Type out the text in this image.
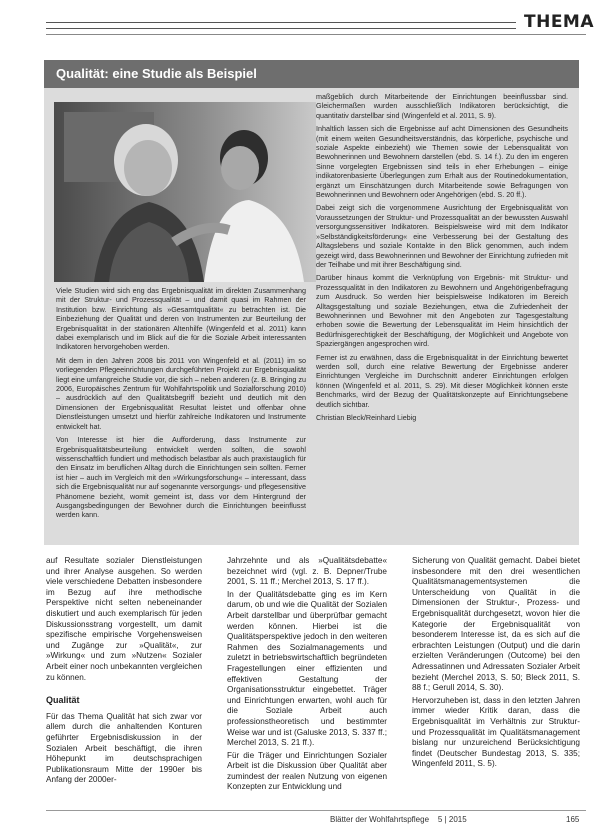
THEMA
Qualität: eine Studie als Beispiel

Viele Studien wird sich eng das Ergebnisqualität im direkten Zusammenhang mit der Struktur- und Prozessqualität – und damit quasi im Rahmen der Institution bzw. Einrichtung als »Gesamtqualität« zu betrachten ist. Die Einbeziehung der Qualität und deren von Instrumenten zur Beurteilung der Ergebnisqualität in der stationären Altenhilfe (Wingenfeld et al. 2011) kann dabei exemplarisch und im Blick auf die für die Soziale Arbeit interessanten Indikatoren hervorgehoben werden.

Mit dem in den Jahren 2008 bis 2011 von Wingenfeld et al. (2011) im so vorliegenden Pflegeeinrichtungen durchgeführten Projekt zur Ergebnisqualität liegt eine umfangreiche Studie vor, die sich – neben anderen (z. B. Bringing zu 2006, Europäisches Zentrum für Wohlfahrtspolitik und Sozialforschung 2010) – ausdrücklich auf den Qualitätsbegriff bezieht und deutlich mit den Dimensionen der Ergebnisqualität Resultat leistet und offenbar ohne Dienstleistungen umsetzt und hierfür zahlreiche Indikatoren und Instrumente entwickelt hat.

Von Interesse ist hier die Aufforderung, dass Instrumente zur Ergebnisqualitätsbeurteilung entwickelt werden sollten, die sowohl wissenschaftlich fundiert und methodisch belastbar als auch praxistauglich für den Einsatz im beruflichen Alltag durch die Einrichtungen sein sollten. Ferner ist hier – auch im Vergleich mit den »Wirkungsforschung« – interessant, dass sich die Ergebnisqualität nur auf sogenannte versorgungs- und pflegesensitive Phänomene bezieht, womit gemeint ist, dass vor dem Hintergrund der Ausgangsbedingungen der Bewohner durch die Einrichtungen beeinflusst werden kann.

maßgeblich durch Mitarbeitende der Einrichtungen beeinflussbar sind. Gleichermaßen wurden ausschließlich Indikatoren berücksichtigt, die quantitativ darstellbar sind (Wingenfeld et al. 2011, S. 9).

Inhaltlich lassen sich die Ergebnisse auf acht Dimensionen des Gesundheits (mit einem weiten Gesundheitsverständnis, das körperliche, psychische und soziale Aspekte einbezieht) wie Themen sowie der Lebensqualität von Bewohnerinnen und Bewohnern darstellen (ebd. S. 14 f.). Zu den im engeren Sinne vorgelegten Ergebnissen sind teils in eher Erhebungen – einige indikatorenbasierte Überlegungen zum Erhalt aus der Routinedokumentation, ergänzt um Einschätzungen durch Mitarbeitende sowie Befragungen von Bewohnerinnen und Bewohnern oder Angehörigen (ebd. S. 20 ff.).

Dabei zeigt sich die vorgenommene Ausrichtung der Ergebnisqualität von Voraussetzungen der Struktur- und Prozessqualität an der bewussten Auswahl versorgungssensitiver Indikatoren. Beispielsweise wird mit dem Indikator »Selbständigkeitsförderung« eine Verbesserung bei der Gestaltung des Alltagslebens und soziale Kontakte in den Blick genommen, auch indem gezeigt wird, dass Bewohnerinnen und Bewohner der Einrichtung zufrieden mit der Teilhabe und mit ihrer Beschäftigung sind.

Darüber hinaus kommt die Verknüpfung von Ergebnis- mit Struktur- und Prozessqualität in den Indikatoren zu Bewohnern und Angehörigenbefragung zum Ausdruck. So werden hier beispielsweise Indikatoren im Bereich Alltagsgestaltung und soziale Beziehungen, etwa die Zufriedenheit der Bewohnerinnen und Bewohner mit den Angeboten zur Tagesgestaltung erhoben sowie die Bewertung der Lebensqualität im Heim hinsichtlich der Bedürfnisgerechtigkeit der Beschäftigung, der Möglichkeit und Angebote von Spaziergängen angesprochen wird.

Ferner ist zu erwähnen, dass die Ergebnisqualität in der Einrichtung bewertet werden soll, durch eine relative Bewertung der Ergebnisse anderer Einrichtungen Vergleiche im Durchschnitt anderer Einrichtungen erfolgen können (Wingenfeld et al. 2011, S. 29). Mit dieser Möglichkeit können erste Benchmarks, wird der Bezug der Qualitätskonzepte auf Einrichtungsebene deutlich sichtbar.

Christian Bleck/Reinhard Liebig

auf Resultate sozialer Dienstleistungen und ihrer Analyse ausgehen. So werden viele verschiedene Debatten insbesondere im Bezug auf ihre methodische Perspektive nicht selten nebeneinander diskutiert und auch exemplarisch für jeden Diskussionsstrang vorgestellt, um damit spezifische empirische Vorgehensweisen und Zugänge zur »Qualität«, zur »Wirkung« und zum »Nutzen« Sozialer Arbeit einer noch unbekannten vergleichen zu können.

Qualität

Für das Thema Qualität hat sich zwar vor allem durch die anhaltenden Konturen geführter Ergebnisdiskussion in der Sozialen Arbeit beschäftigt, die ihren Höhepunkt im deutschsprachigen Publikationsraum Mitte der 1990er bis Anfang der 2000er-

Jahrzehnte und als »Qualitätsdebatte« bezeichnet wird (vgl. z. B. Depner/Trube 2001, S. 11 ff.; Merchel 2013, S. 17 ff.).

In der Qualitätsdebatte ging es im Kern darum, ob und wie die Qualität der Sozialen Arbeit darstellbar und überprüfbar gemacht werden können. Hierbei ist die Qualitätsperspektive jedoch in den weiteren Rahmen des Sozialmanagements und zuletzt in betriebswirtschaftlich begründeten Fragestellungen einer effizienten und effektiven Gestaltung der Organisationsstruktur eingebettet. Träger und Einrichtungen erwarten, wohl auch für die Soziale Arbeit auch professionstheoretisch und bestimmter Weise war und ist (Galuske 2013, S. 337 ff.; Merchel 2013, S. 21 ff.).

Für die Träger und Einrichtungen Sozialer Arbeit ist die Diskussion über Qualität aber zumindest der realen Nutzung von eigenen Konzepten zur Entwicklung und

Sicherung von Qualität gemacht. Dabei bietet insbesondere mit den drei wesentlichen Qualitätsmanagementsystemen die Unterscheidung von Qualität in die Dimensionen der Struktur-, Prozess- und Ergebnisqualität durchgesetzt, wovon hier die Kategorie der Ergebnisqualität von besonderem Interesse ist, da es sich auf die erbrachten Leistungen (Output) und die darin erzielten Veränderungen (Outcome) bei den Adressatinnen und Adressaten Sozialer Arbeit bezieht (Merchel 2013, S. 50; Bleck 2011, S. 88 f.; Gerull 2014, S. 30).

Hervorzuheben ist, dass in den letzten Jahren immer wieder Kritik daran, dass die Ergebnisqualität im Verhältnis zur Struktur- und Prozessqualität im Qualitätsmanagement bislang nur unzureichend Berücksichtigung findet (Deutscher Bundestag 2013, S. 335; Wingenfeld 2011, S. 5).

Blätter der Wohlfahrtspflege 5 | 2015	165
